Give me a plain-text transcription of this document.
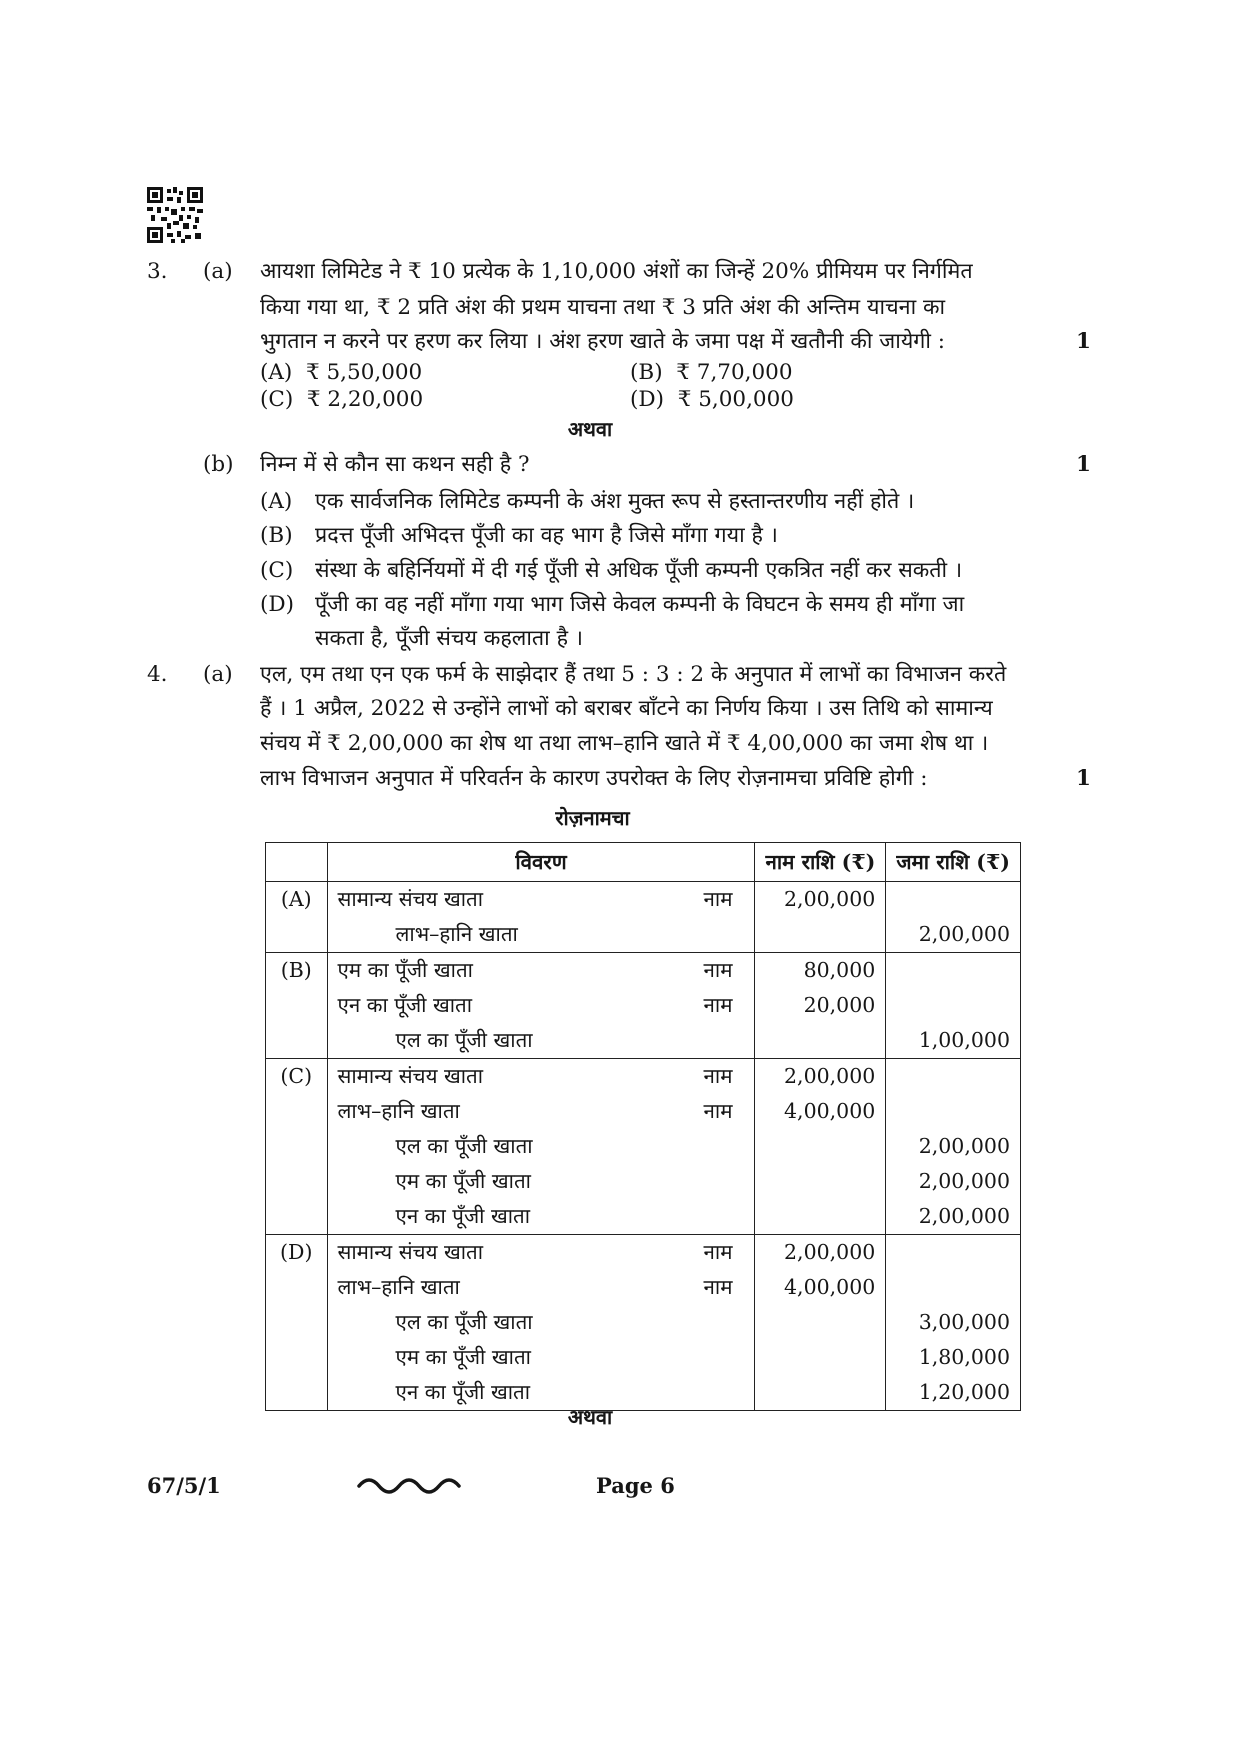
3. (a) आयशा लिमिटेड ने ₹ 10 प्रत्येक के 1,10,000 अंशों का जिन्हें 20% प्रीमियम पर निर्गमित
किया गया था, ₹ 2 प्रति अंश की प्रथम याचना तथा ₹ 3 प्रति अंश की अन्तिम याचना का
भुगतान न करने पर हरण कर लिया । अंश हरण खाते के जमा पक्ष में खतौनी की जायेगी :	1
(A) ₹ 5,50,000	(B) ₹ 7,70,000
(C) ₹ 2,20,000	(D) ₹ 5,00,000
अथवा
(b) निम्न में से कौन सा कथन सही है ?	1
(A) एक सार्वजनिक लिमिटेड कम्पनी के अंश मुक्त रूप से हस्तान्तरणीय नहीं होते ।
(B) प्रदत्त पूँजी अभिदत्त पूँजी का वह भाग है जिसे माँगा गया है ।
(C) संस्था के बहिर्नियमों में दी गई पूँजी से अधिक पूँजी कम्पनी एकत्रित नहीं कर सकती ।
(D) पूँजी का वह नहीं माँगा गया भाग जिसे केवल कम्पनी के विघटन के समय ही माँगा जा
सकता है, पूँजी संचय कहलाता है ।
4. (a) एल, एम तथा एन एक फर्म के साझेदार हैं तथा 5 : 3 : 2 के अनुपात में लाभों का विभाजन करते
हैं । 1 अप्रैल, 2022 से उन्होंने लाभों को बराबर बाँटने का निर्णय किया । उस तिथि को सामान्य
संचय में ₹ 2,00,000 का शेष था तथा लाभ–हानि खाते में ₹ 4,00,000 का जमा शेष था ।
लाभ विभाजन अनुपात में परिवर्तन के कारण उपरोक्त के लिए रोज़नामचा प्रविष्टि होगी :	1
रोज़नामचा
	विवरण	नाम राशि (₹)	जमा राशि (₹)
(A)	सामान्य संचय खाता नाम	2,00,000	
	लाभ–हानि खाता		2,00,000
(B)	एम का पूँजी खाता नाम	80,000	
	एन का पूँजी खाता नाम	20,000	
	एल का पूँजी खाता		1,00,000
(C)	सामान्य संचय खाता नाम	2,00,000	
	लाभ–हानि खाता नाम	4,00,000	
	एल का पूँजी खाता		2,00,000
	एम का पूँजी खाता		2,00,000
	एन का पूँजी खाता		2,00,000
(D)	सामान्य संचय खाता नाम	2,00,000	
	लाभ–हानि खाता नाम	4,00,000	
	एल का पूँजी खाता		3,00,000
	एम का पूँजी खाता		1,80,000
	एन का पूँजी खाता		1,20,000
अथवा
67/5/1	Page 6
